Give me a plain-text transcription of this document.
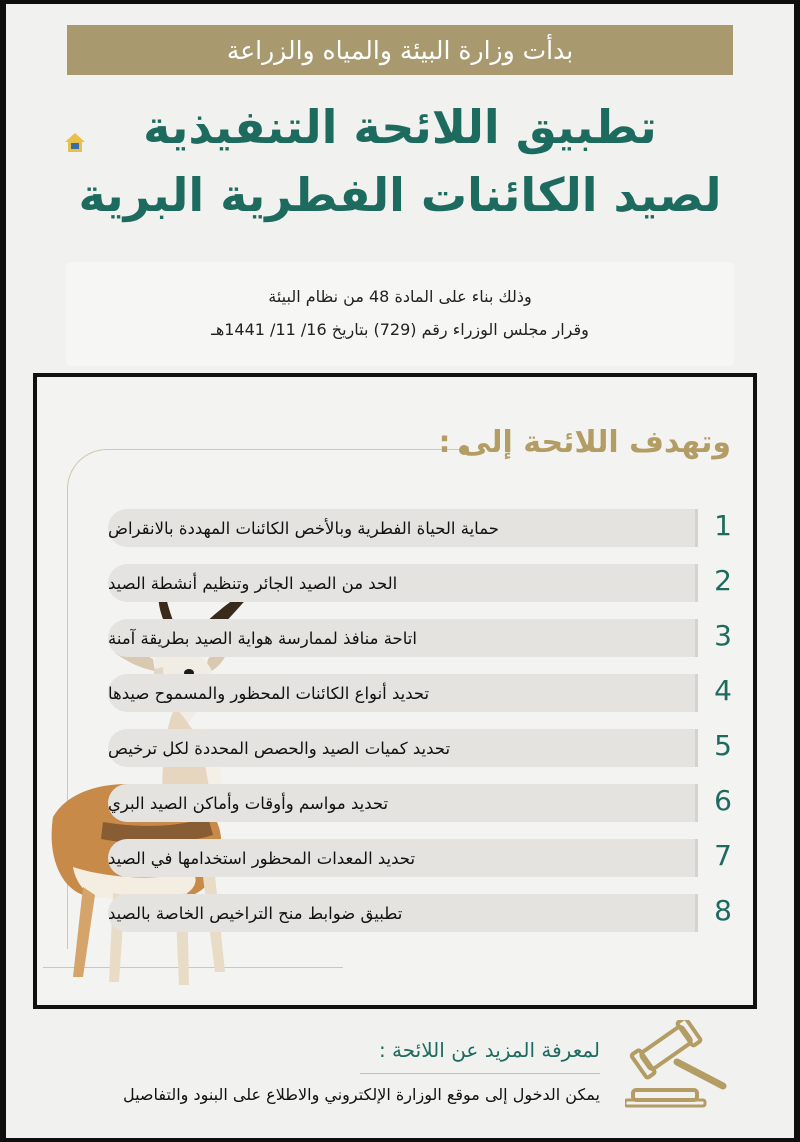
بدأت وزارة البيئة والمياه والزراعة
تطبيق اللائحة التنفيذية
لصيد الكائنات الفطرية البرية
وذلك بناء على المادة 48 من نظام البيئة
وقرار مجلس الوزراء رقم (729) بتاريخ 16/ 11/ 1441هـ
وتهدف اللائحة إلى :
حماية الحياة الفطرية وبالأخص الكائنات المهددة بالانقراض	1
الحد من الصيد الجائر وتنظيم أنشطة الصيد	2
اتاحة منافذ لممارسة هواية الصيد بطريقة آمنة	3
تحديد أنواع الكائنات المحظور والمسموح صيدها	4
تحديد كميات الصيد والحصص المحددة لكل ترخيص	5
تحديد مواسم وأوقات وأماكن الصيد البري	6
تحديد المعدات المحظور استخدامها في الصيد	7
تطبيق ضوابط منح التراخيص الخاصة بالصيد	8
لمعرفة المزيد عن اللائحة :
يمكن الدخول إلى موقع الوزارة الإلكتروني والاطلاع على البنود والتفاصيل
